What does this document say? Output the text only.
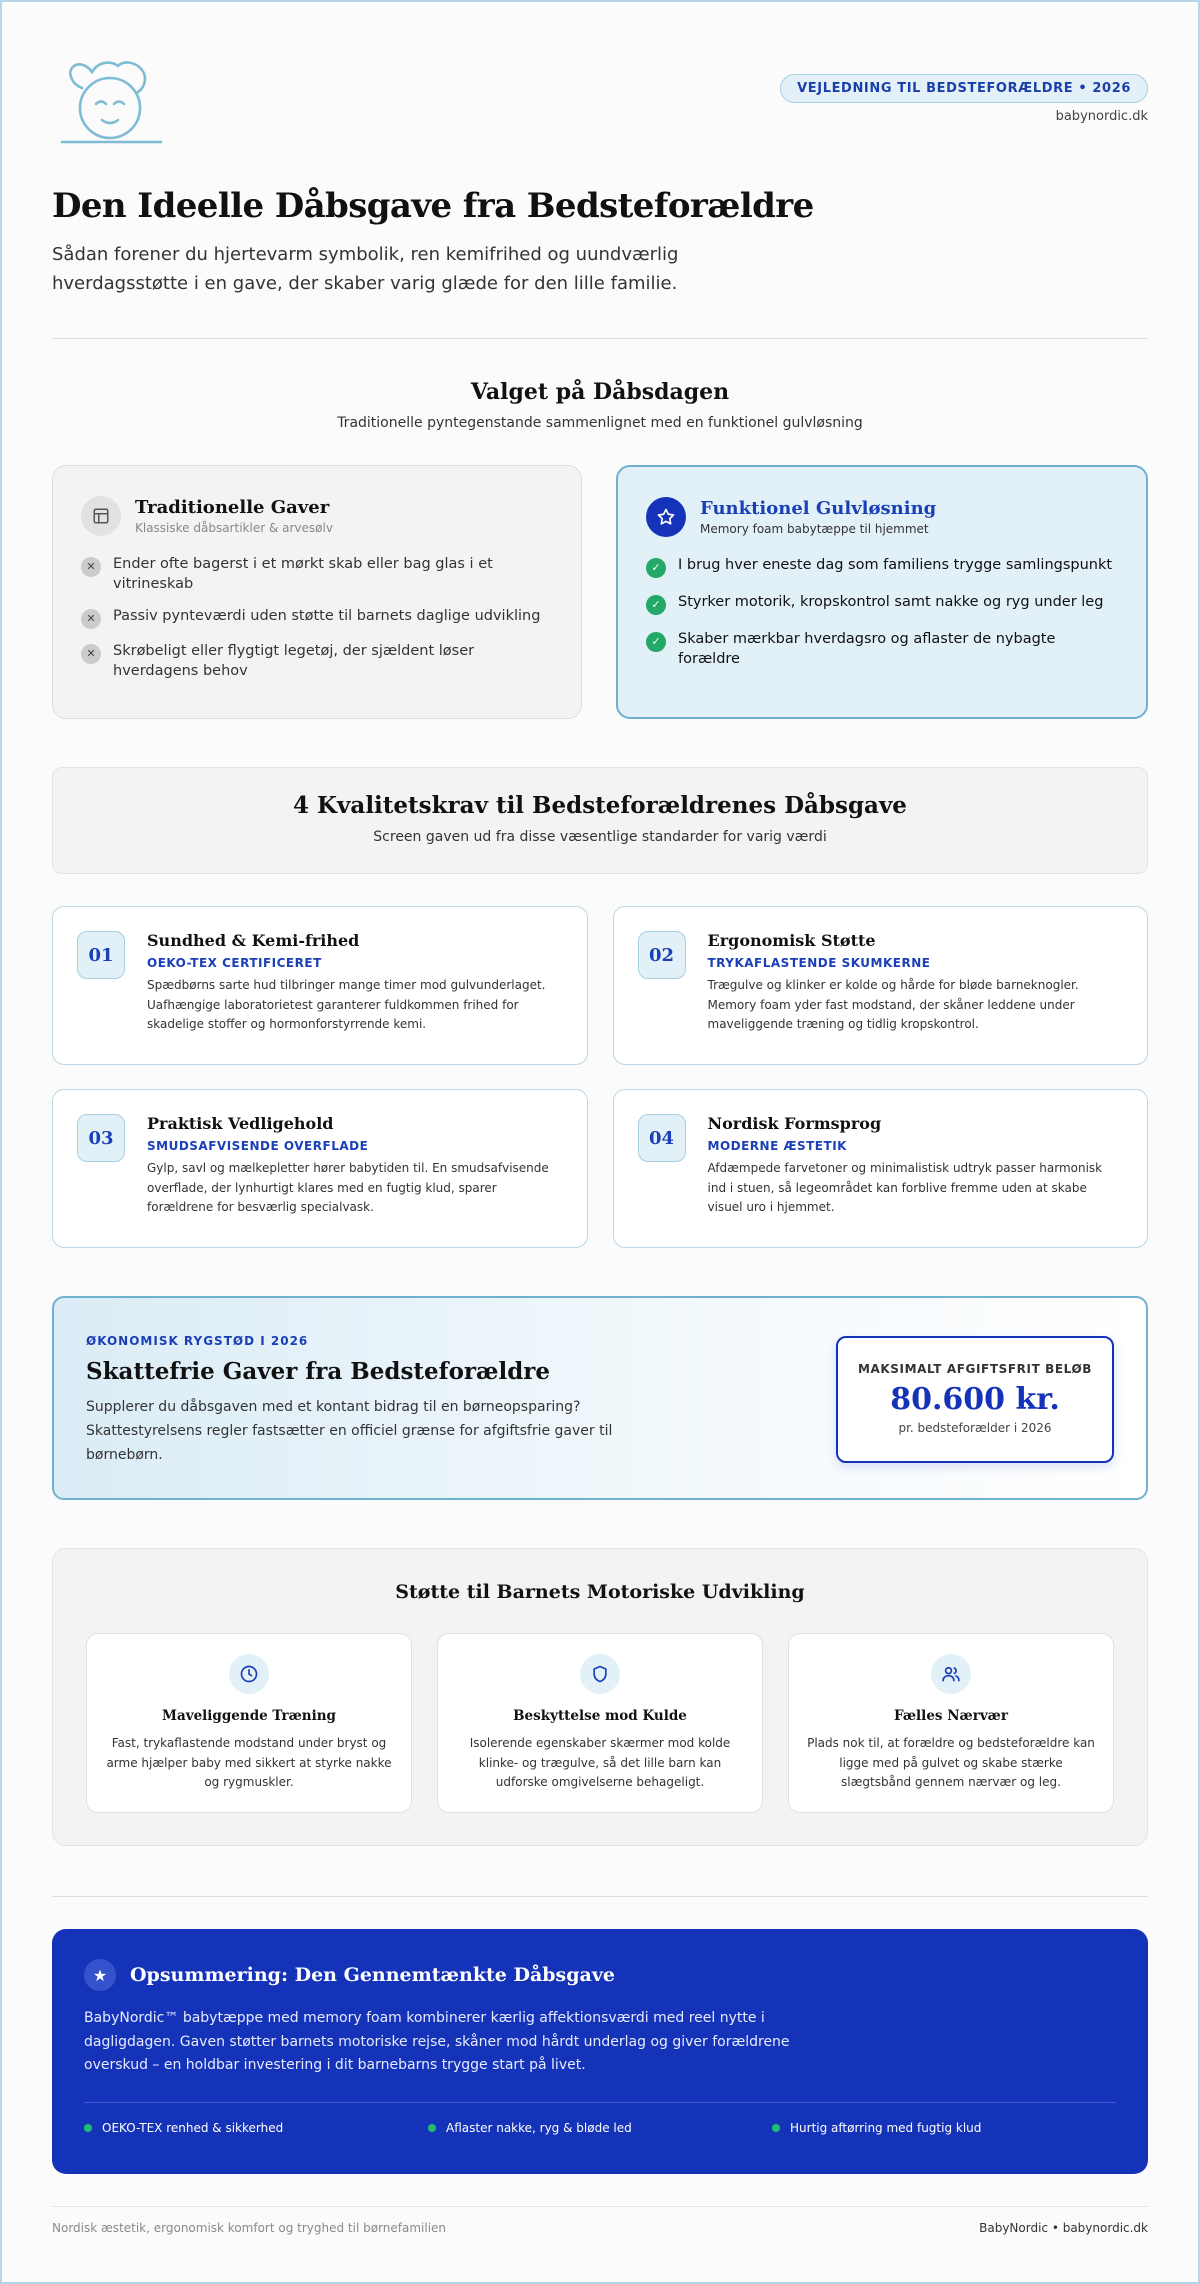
VEJLEDNING TIL BEDSTEFORÆLDRE • 2026
babynordic.dk
Den Ideelle Dåbsgave fra Bedsteforældre

Sådan forener du hjertevarm symbolik, ren kemifrihed og uundværlig hverdagsstøtte i en gave, der skaber varig glæde for den lille familie.

Valget på Dåbsdagen

Traditionelle pyntegenstande sammenlignet med en funktionel gulvløsning

Traditionelle Gaver
Klassiske dåbsartikler & arvesølv
✕	Ender ofte bagerst i et mørkt skab eller bag glas i et vitrineskab
✕	Passiv pynteværdi uden støtte til barnets daglige udvikling
✕	Skrøbeligt eller flygtigt legetøj, der sjældent løser hverdagens behov
Funktionel Gulvløsning
Memory foam babytæppe til hjemmet
✓	I brug hver eneste dag som familiens trygge samlingspunkt
✓	Styrker motorik, kropskontrol samt nakke og ryg under leg
✓	Skaber mærkbar hverdagsro og aflaster de nybagte forældre
4 Kvalitetskrav til Bedsteforældrenes Dåbsgave

Screen gaven ud fra disse væsentlige standarder for varig værdi

01
Sundhed & Kemi-frihed
OEKO-TEX CERTIFICERET
Spædbørns sarte hud tilbringer mange timer mod gulvunderlaget. Uafhængige laboratorietest garanterer fuldkommen frihed for skadelige stoffer og hormonforstyrrende kemi.
02
Ergonomisk Støtte
TRYKAFLASTENDE SKUMKERNE
Trægulve og klinker er kolde og hårde for bløde barneknogler. Memory foam yder fast modstand, der skåner leddene under maveliggende træning og tidlig kropskontrol.
03
Praktisk Vedligehold
SMUDSAFVISENDE OVERFLADE
Gylp, savl og mælkepletter hører babytiden til. En smudsafvisende overflade, der lynhurtigt klares med en fugtig klud, sparer forældrene for besværlig specialvask.
04
Nordisk Formsprog
MODERNE ÆSTETIK
Afdæmpede farvetoner og minimalistisk udtryk passer harmonisk ind i stuen, så legeområdet kan forblive fremme uden at skabe visuel uro i hjemmet.
ØKONOMISK RYGSTØD I 2026
Skattefrie Gaver fra Bedsteforældre

Supplerer du dåbsgaven med et kontant bidrag til en børneopsparing? Skattestyrelsens regler fastsætter en officiel grænse for afgiftsfrie gaver til børnebørn.

MAKSIMALT AFGIFTSFRIT BELØB
80.600 kr.
pr. bedsteforælder i 2026
Støtte til Barnets Motoriske Udvikling
Maveliggende Træning
Fast, trykaflastende modstand under bryst og arme hjælper baby med sikkert at styrke nakke og rygmuskler.
Beskyttelse mod Kulde
Isolerende egenskaber skærmer mod kolde klinke- og trægulve, så det lille barn kan udforske omgivelserne behageligt.
Fælles Nærvær
Plads nok til, at forældre og bedsteforældre kan ligge med på gulvet og skabe stærke slægtsbånd gennem nærvær og leg.
★	Opsummering: Den Gennemtænkte Dåbsgave

BabyNordic™ babytæppe med memory foam kombinerer kærlig affektionsværdi med reel nytte i dagligdagen. Gaven støtter barnets motoriske rejse, skåner mod hårdt underlag og giver forældrene overskud – en holdbar investering i dit barnebarns trygge start på livet.

OEKO-TEX renhed & sikkerhed	Aflaster nakke, ryg & bløde led	Hurtig aftørring med fugtig klud
Nordisk æstetik, ergonomisk komfort og tryghed til børnefamilien	BabyNordic • babynordic.dk
